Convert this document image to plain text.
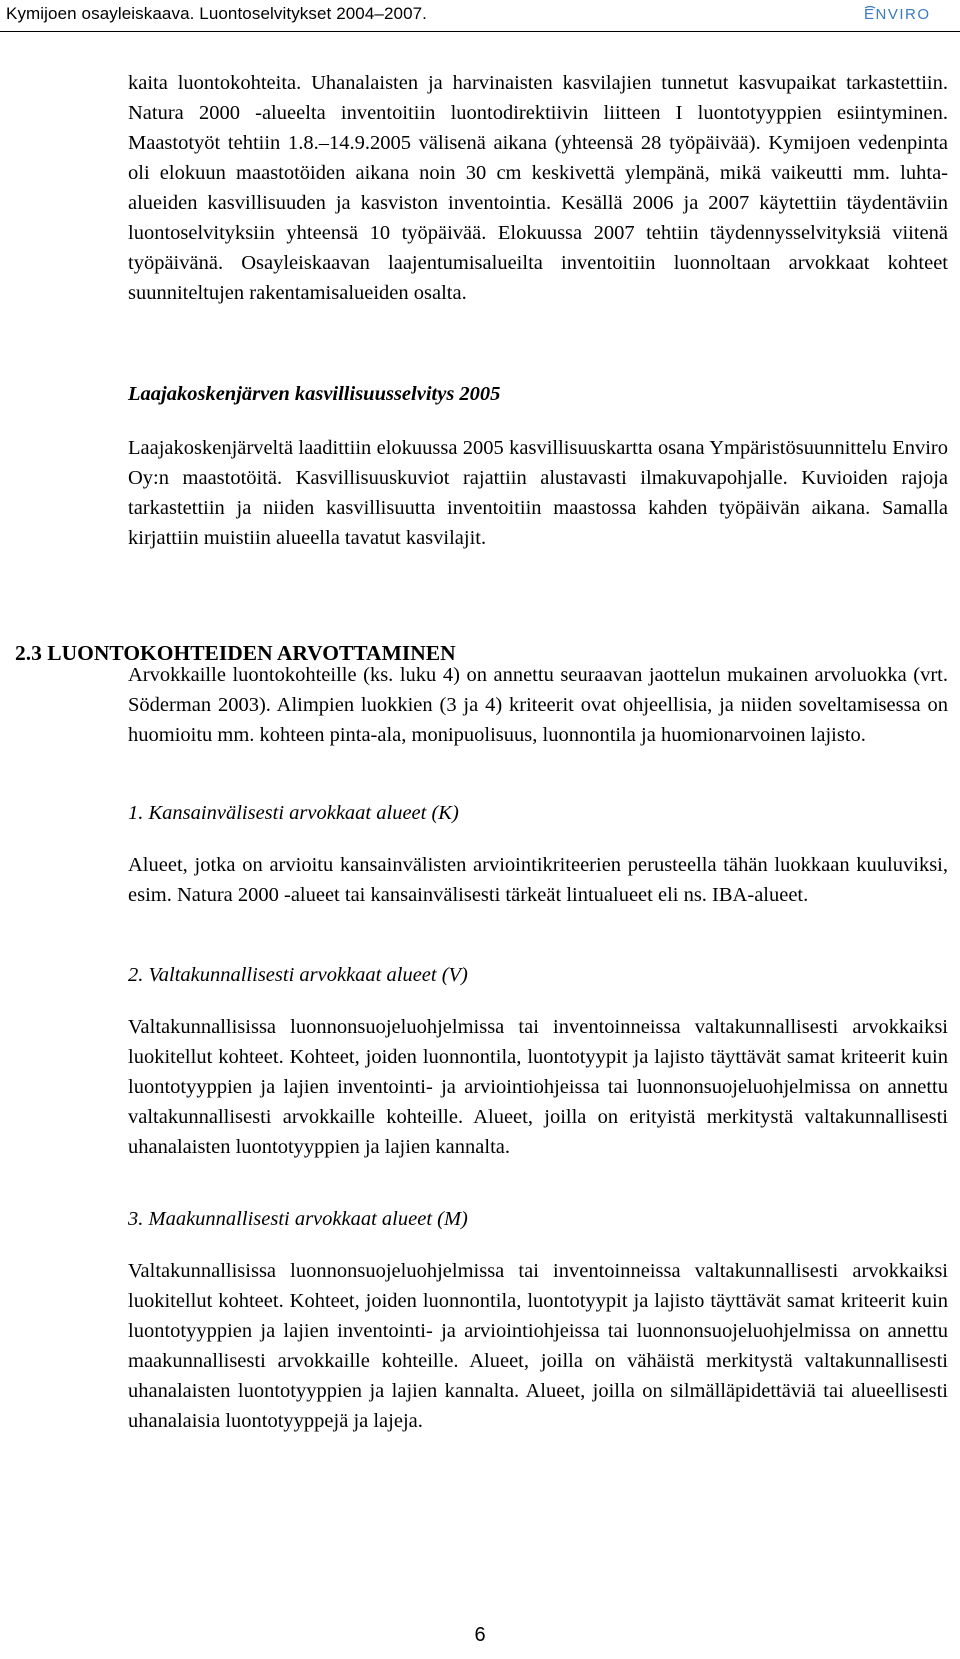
Kymijoen osayleiskaava. Luontoselvitykset 2004–2007.	ENVIRO

kaita luontokohteita. Uhanalaisten ja harvinaisten kasvilajien tunnetut kasvupaikat tarkastettiin. Natura 2000 -alueelta inventoitiin luontodirektiivin liitteen I luontotyyppien esiintyminen. Maastotyöt tehtiin 1.8.–14.9.2005 välisenä aikana (yhteensä 28 työpäivää). Kymijoen vedenpinta oli elokuun maastotöiden aikana noin 30 cm keskivettä ylempänä, mikä vaikeutti mm. luhta-alueiden kasvillisuuden ja kasviston inventointia. Kesällä 2006 ja 2007 käytettiin täydentäviin luontoselvityksiin yhteensä 10 työpäivää. Elokuussa 2007 tehtiin täydennysselvityksiä viitenä työpäivänä. Osayleiskaavan laajentumisalueilta inventoitiin luonnoltaan arvokkaat kohteet suunniteltujen rakentamisalueiden osalta.

Laajakoskenjärven kasvillisuusselvitys 2005

Laajakoskenjärveltä laadittiin elokuussa 2005 kasvillisuuskartta osana Ympäristösuunnittelu Enviro Oy:n maastotöitä. Kasvillisuuskuviot rajattiin alustavasti ilmakuvapohjalle. Kuvioiden rajoja tarkastettiin ja niiden kasvillisuutta inventoitiin maastossa kahden työpäivän aikana. Samalla kirjattiin muistiin alueella tavatut kasvilajit.

2.3 LUONTOKOHTEIDEN ARVOTTAMINEN

Arvokkaille luontokohteille (ks. luku 4) on annettu seuraavan jaottelun mukainen arvoluokka (vrt. Söderman 2003). Alimpien luokkien (3 ja 4) kriteerit ovat ohjeellisia, ja niiden soveltamisessa on huomioitu mm. kohteen pinta-ala, monipuolisuus, luonnontila ja huomionarvoinen lajisto.

1. Kansainvälisesti arvokkaat alueet (K)

Alueet, jotka on arvioitu kansainvälisten arviointikriteerien perusteella tähän luokkaan kuuluviksi, esim. Natura 2000 -alueet tai kansainvälisesti tärkeät lintualueet eli ns. IBA-alueet.

2. Valtakunnallisesti arvokkaat alueet (V)

Valtakunnallisissa luonnonsuojeluohjelmissa tai inventoinneissa valtakunnallisesti arvokkaiksi luokitellut kohteet. Kohteet, joiden luonnontila, luontotyypit ja lajisto täyttävät samat kriteerit kuin luontotyyppien ja lajien inventointi- ja arviointiohjeissa tai luonnonsuojeluohjelmissa on annettu valtakunnallisesti arvokkaille kohteille. Alueet, joilla on erityistä merkitystä valtakunnallisesti uhanalaisten luontotyyppien ja lajien kannalta.

3. Maakunnallisesti arvokkaat alueet (M)

Valtakunnallisissa luonnonsuojeluohjelmissa tai inventoinneissa valtakunnallisesti arvokkaiksi luokitellut kohteet. Kohteet, joiden luonnontila, luontotyypit ja lajisto täyttävät samat kriteerit kuin luontotyyppien ja lajien inventointi- ja arviointiohjeissa tai luonnonsuojeluohjelmissa on annettu maakunnallisesti arvokkaille kohteille. Alueet, joilla on vähäistä merkitystä valtakunnallisesti uhanalaisten luontotyyppien ja lajien kannalta. Alueet, joilla on silmälläpidettäviä tai alueellisesti uhanalaisia luontotyyppejä ja lajeja.

6
